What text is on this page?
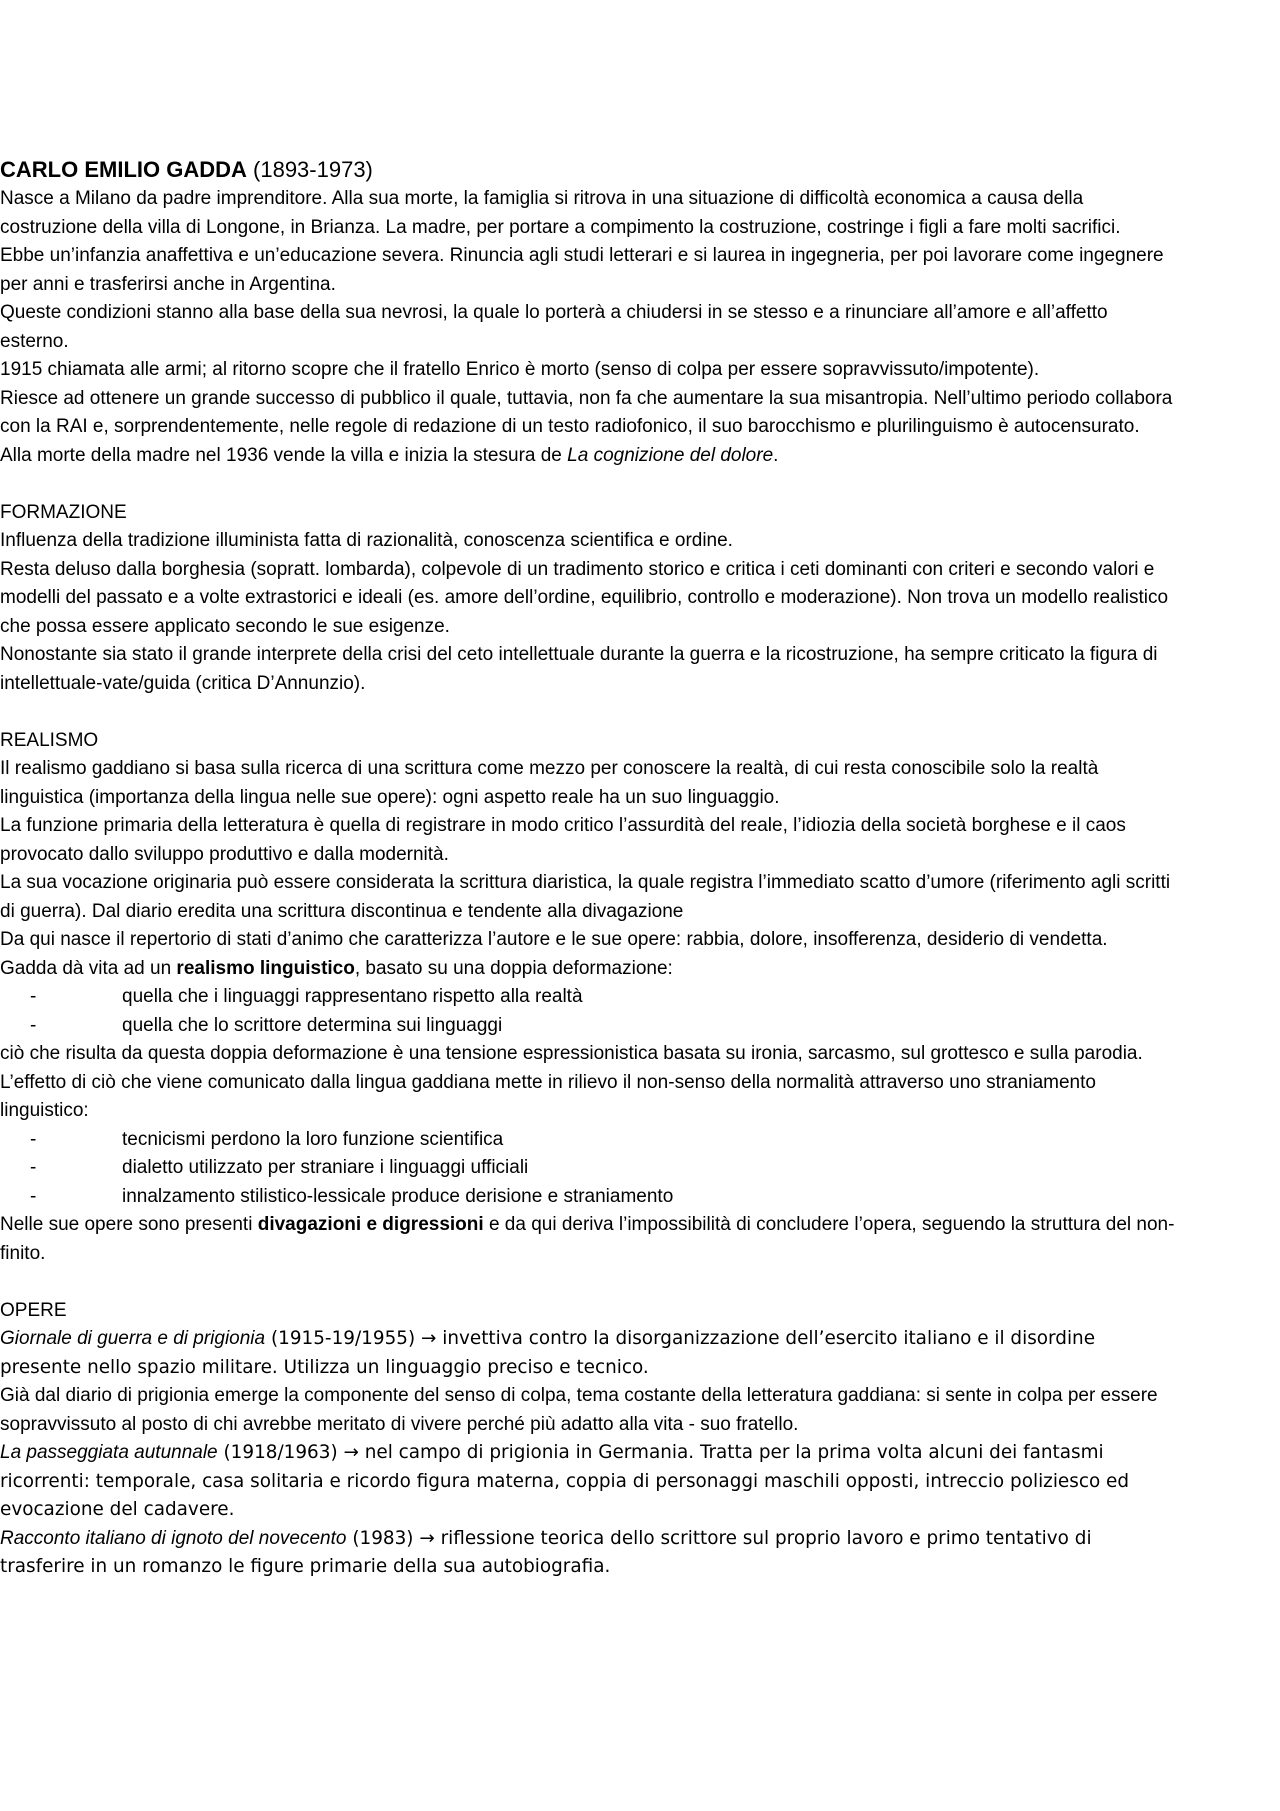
CARLO EMILIO GADDA (1893-1973)

Nasce a Milano da padre imprenditore. Alla sua morte, la famiglia si ritrova in una situazione di difficoltà economica a causa della costruzione della villa di Longone, in Brianza. La madre, per portare a compimento la costruzione, costringe i figli a fare molti sacrifici.

Ebbe un’infanzia anaffettiva e un’educazione severa. Rinuncia agli studi letterari e si laurea in ingegneria, per poi lavorare come ingegnere per anni e trasferirsi anche in Argentina.

Queste condizioni stanno alla base della sua nevrosi, la quale lo porterà a chiudersi in se stesso e a rinunciare all’amore e all’affetto esterno.

1915 chiamata alle armi; al ritorno scopre che il fratello Enrico è morto (senso di colpa per essere sopravvissuto/impotente).

Riesce ad ottenere un grande successo di pubblico il quale, tuttavia, non fa che aumentare la sua misantropia. Nell’ultimo periodo collabora con la RAI e, sorprendentemente, nelle regole di redazione di un testo radiofonico, il suo barocchismo e plurilinguismo è autocensurato.

Alla morte della madre nel 1936 vende la villa e inizia la stesura de La cognizione del dolore.

FORMAZIONE

Influenza della tradizione illuminista fatta di razionalità, conoscenza scientifica e ordine.

Resta deluso dalla borghesia (sopratt. lombarda), colpevole di un tradimento storico e critica i ceti dominanti con criteri e secondo valori e modelli del passato e a volte extrastorici e ideali (es. amore dell’ordine, equilibrio, controllo e moderazione). Non trova un modello realistico che possa essere applicato secondo le sue esigenze.

Nonostante sia stato il grande interprete della crisi del ceto intellettuale durante la guerra e la ricostruzione, ha sempre criticato la figura di intellettuale-vate/guida (critica D’Annunzio).

REALISMO

Il realismo gaddiano si basa sulla ricerca di una scrittura come mezzo per conoscere la realtà, di cui resta conoscibile solo la realtà linguistica (importanza della lingua nelle sue opere): ogni aspetto reale ha un suo linguaggio.

La funzione primaria della letteratura è quella di registrare in modo critico l’assurdità del reale, l’idiozia della società borghese e il caos provocato dallo sviluppo produttivo e dalla modernità.

La sua vocazione originaria può essere considerata la scrittura diaristica, la quale registra l’immediato scatto d’umore (riferimento agli scritti di guerra). Dal diario eredita una scrittura discontinua e tendente alla divagazione

Da qui nasce il repertorio di stati d’animo che caratterizza l’autore e le sue opere: rabbia, dolore, insofferenza, desiderio di vendetta.

Gadda dà vita ad un realismo linguistico, basato su una doppia deformazione:

-	quella che i linguaggi rappresentano rispetto alla realtà

-	quella che lo scrittore determina sui linguaggi

ciò che risulta da questa doppia deformazione è una tensione espressionistica basata su ironia, sarcasmo, sul grottesco e sulla parodia. L’effetto di ciò che viene comunicato dalla lingua gaddiana mette in rilievo il non-senso della normalità attraverso uno straniamento linguistico:

-	tecnicismi perdono la loro funzione scientifica

-	dialetto utilizzato per straniare i linguaggi ufficiali

-	innalzamento stilistico-lessicale produce derisione e straniamento

Nelle sue opere sono presenti divagazioni e digressioni e da qui deriva l’impossibilità di concludere l’opera, seguendo la struttura del non-finito.

OPERE

Giornale di guerra e di prigionia (1915-19/1955) → invettiva contro la disorganizzazione dell’esercito italiano e il disordine presente nello spazio militare. Utilizza un linguaggio preciso e tecnico.

Già dal diario di prigionia emerge la componente del senso di colpa, tema costante della letteratura gaddiana: si sente in colpa per essere sopravvissuto al posto di chi avrebbe meritato di vivere perché più adatto alla vita - suo fratello.

La passeggiata autunnale (1918/1963) → nel campo di prigionia in Germania. Tratta per la prima volta alcuni dei fantasmi ricorrenti: temporale, casa solitaria e ricordo figura materna, coppia di personaggi maschili opposti, intreccio poliziesco ed evocazione del cadavere.

Racconto italiano di ignoto del novecento (1983) → riflessione teorica dello scrittore sul proprio lavoro e primo tentativo di trasferire in un romanzo le figure primarie della sua autobiografia.
